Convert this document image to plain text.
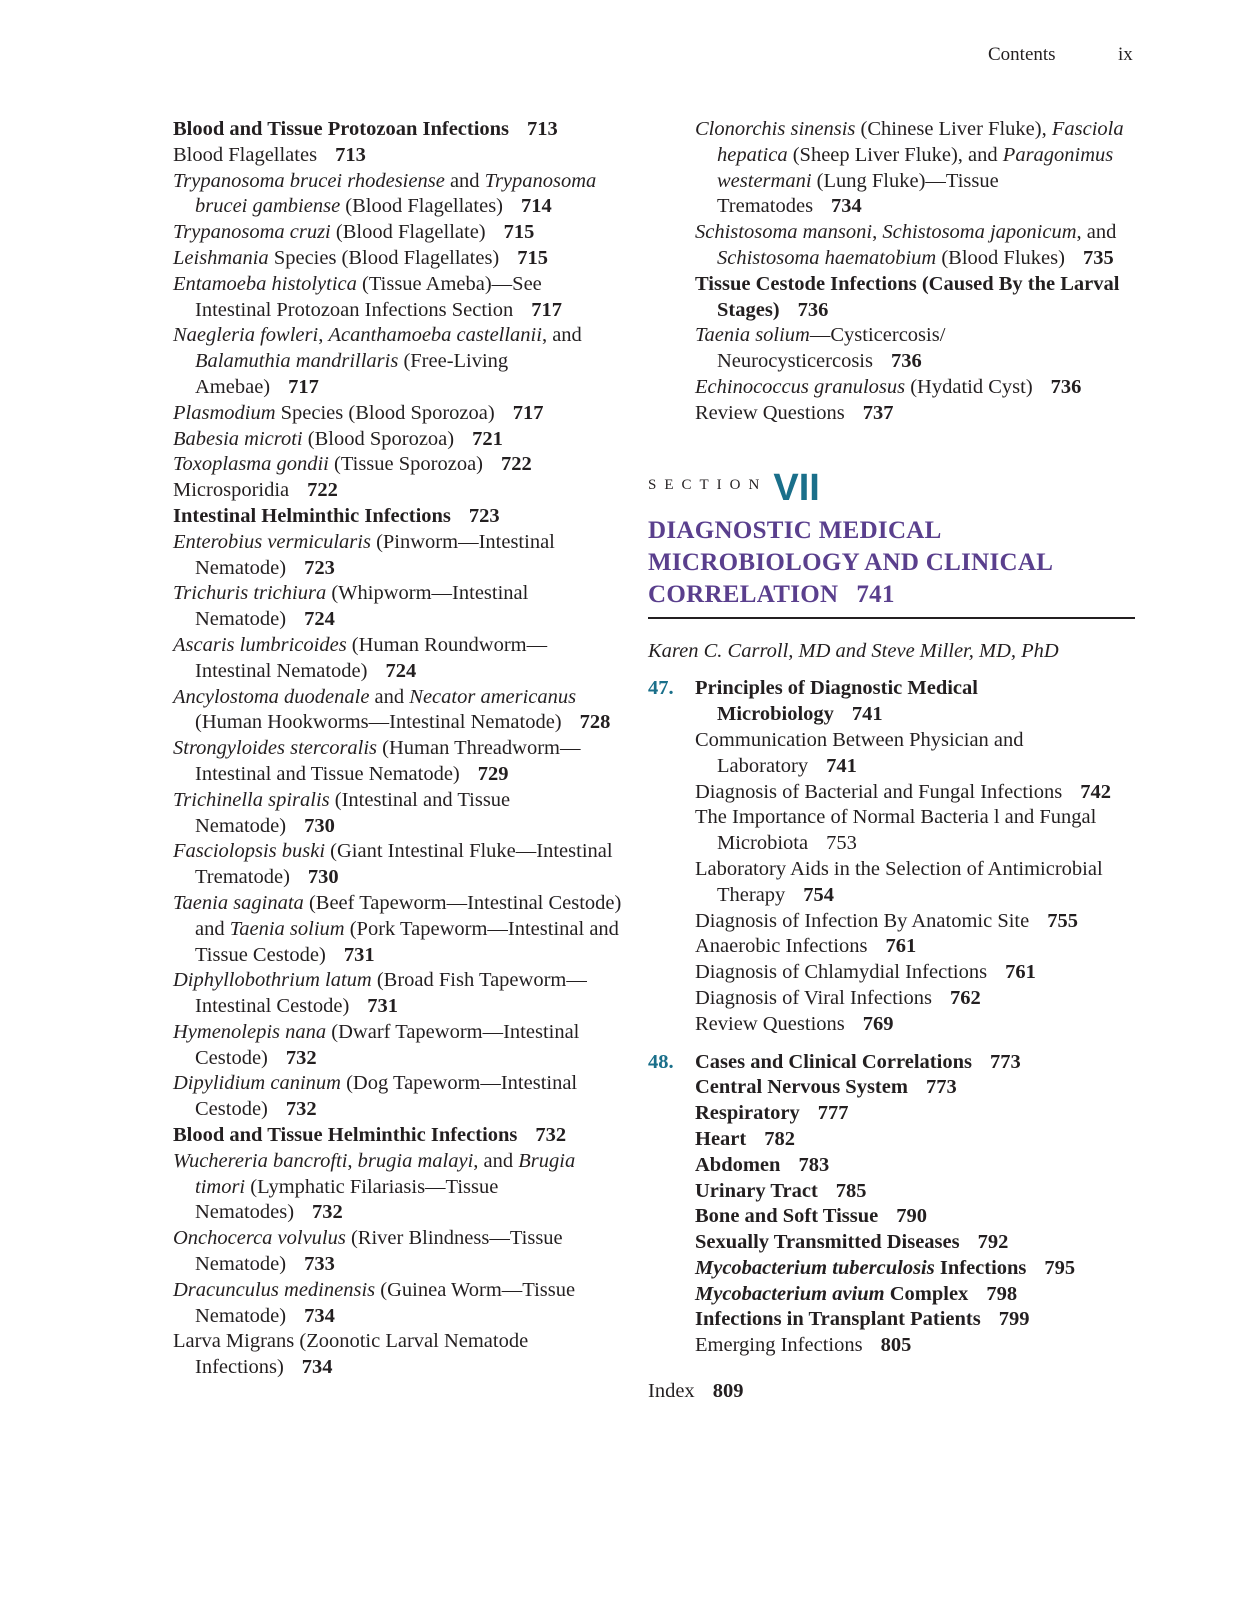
Contents	ix

Blood and Tissue Protozoan Infections 713

Blood Flagellates 713

Trypanosoma brucei rhodesiense and Trypanosoma brucei gambiense (Blood Flagellates) 714

Trypanosoma cruzi (Blood Flagellate) 715

Leishmania Species (Blood Flagellates) 715

Entamoeba histolytica (Tissue Ameba)—See Intestinal Protozoan Infections Section 717

Naegleria fowleri, Acanthamoeba castellanii, and Balamuthia mandrillaris (Free-Living Amebae) 717

Plasmodium Species (Blood Sporozoa) 717

Babesia microti (Blood Sporozoa) 721

Toxoplasma gondii (Tissue Sporozoa) 722

Microsporidia 722

Intestinal Helminthic Infections 723

Enterobius vermicularis (Pinworm—Intestinal Nematode) 723

Trichuris trichiura (Whipworm—Intestinal Nematode) 724

Ascaris lumbricoides (Human Roundworm—Intestinal Nematode) 724

Ancylostoma duodenale and Necator americanus (Human Hookworms—Intestinal Nematode) 728

Strongyloides stercoralis (Human Threadworm—Intestinal and Tissue Nematode) 729

Trichinella spiralis (Intestinal and Tissue Nematode) 730

Fasciolopsis buski (Giant Intestinal Fluke—Intestinal Trematode) 730

Taenia saginata (Beef Tapeworm—Intestinal Cestode) and Taenia solium (Pork Tapeworm—Intestinal and Tissue Cestode) 731

Diphyllobothrium latum (Broad Fish Tapeworm—Intestinal Cestode) 731

Hymenolepis nana (Dwarf Tapeworm—Intestinal Cestode) 732

Dipylidium caninum (Dog Tapeworm—Intestinal Cestode) 732

Blood and Tissue Helminthic Infections 732

Wuchereria bancrofti, brugia malayi, and Brugia timori (Lymphatic Filariasis—Tissue Nematodes) 732

Onchocerca volvulus (River Blindness—Tissue Nematode) 733

Dracunculus medinensis (Guinea Worm—Tissue Nematode) 734

Larva Migrans (Zoonotic Larval Nematode Infections) 734

Clonorchis sinensis (Chinese Liver Fluke), Fasciola hepatica (Sheep Liver Fluke), and Paragonimus westermani (Lung Fluke)—Tissue Trematodes 734

Schistosoma mansoni, Schistosoma japonicum, and Schistosoma haematobium (Blood Flukes) 735

Tissue Cestode Infections (Caused By the Larval Stages) 736

Taenia solium—Cysticercosis/ Neurocysticercosis 736

Echinococcus granulosus (Hydatid Cyst) 736

Review Questions 737

SECTION VII
DIAGNOSTIC MEDICAL MICROBIOLOGY AND CLINICAL CORRELATION 741
Karen C. Carroll, MD and Steve Miller, MD, PhD
47. Principles of Diagnostic Medical Microbiology 741

Communication Between Physician and Laboratory 741

Diagnosis of Bacterial and Fungal Infections 742

The Importance of Normal Bacteria l and Fungal Microbiota 753

Laboratory Aids in the Selection of Antimicrobial Therapy 754

Diagnosis of Infection By Anatomic Site 755

Anaerobic Infections 761

Diagnosis of Chlamydial Infections 761

Diagnosis of Viral Infections 762

Review Questions 769

48. Cases and Clinical Correlations 773

Central Nervous System 773

Respiratory 777

Heart 782

Abdomen 783

Urinary Tract 785

Bone and Soft Tissue 790

Sexually Transmitted Diseases 792

Mycobacterium tuberculosis Infections 795

Mycobacterium avium Complex 798

Infections in Transplant Patients 799

Emerging Infections 805

Index 809
